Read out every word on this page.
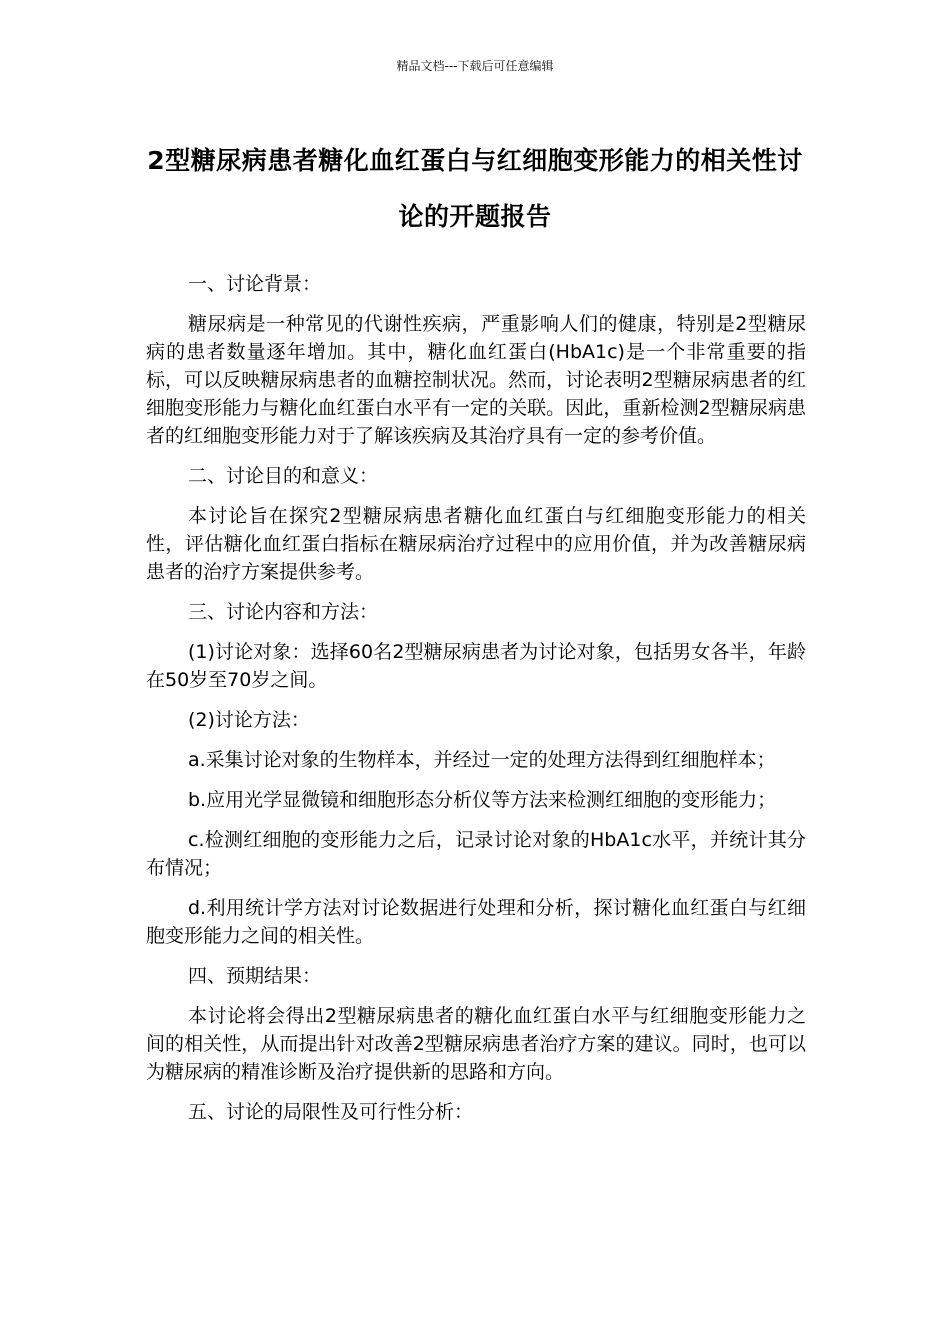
精品文档---下载后可任意编辑
2型糖尿病患者糖化血红蛋白与红细胞变形能力的相关性讨论的开题报告

一、讨论背景：

糖尿病是一种常见的代谢性疾病，严重影响人们的健康，特别是2型糖尿病的患者数量逐年增加。其中，糖化血红蛋白(HbA1c)是一个非常重要的指标，可以反映糖尿病患者的血糖控制状况。然而，讨论表明2型糖尿病患者的红细胞变形能力与糖化血红蛋白水平有一定的关联。因此，重新检测2型糖尿病患者的红细胞变形能力对于了解该疾病及其治疗具有一定的参考价值。

二、讨论目的和意义：

本讨论旨在探究2型糖尿病患者糖化血红蛋白与红细胞变形能力的相关性，评估糖化血红蛋白指标在糖尿病治疗过程中的应用价值，并为改善糖尿病患者的治疗方案提供参考。

三、讨论内容和方法：

(1)讨论对象：选择60名2型糖尿病患者为讨论对象，包括男女各半，年龄在50岁至70岁之间。

(2)讨论方法：

a.采集讨论对象的生物样本，并经过一定的处理方法得到红细胞样本；

b.应用光学显微镜和细胞形态分析仪等方法来检测红细胞的变形能力；

c.检测红细胞的变形能力之后，记录讨论对象的HbA1c水平，并统计其分布情况；

d.利用统计学方法对讨论数据进行处理和分析，探讨糖化血红蛋白与红细胞变形能力之间的相关性。

四、预期结果：

本讨论将会得出2型糖尿病患者的糖化血红蛋白水平与红细胞变形能力之间的相关性，从而提出针对改善2型糖尿病患者治疗方案的建议。同时，也可以为糖尿病的精准诊断及治疗提供新的思路和方向。

五、讨论的局限性及可行性分析：
